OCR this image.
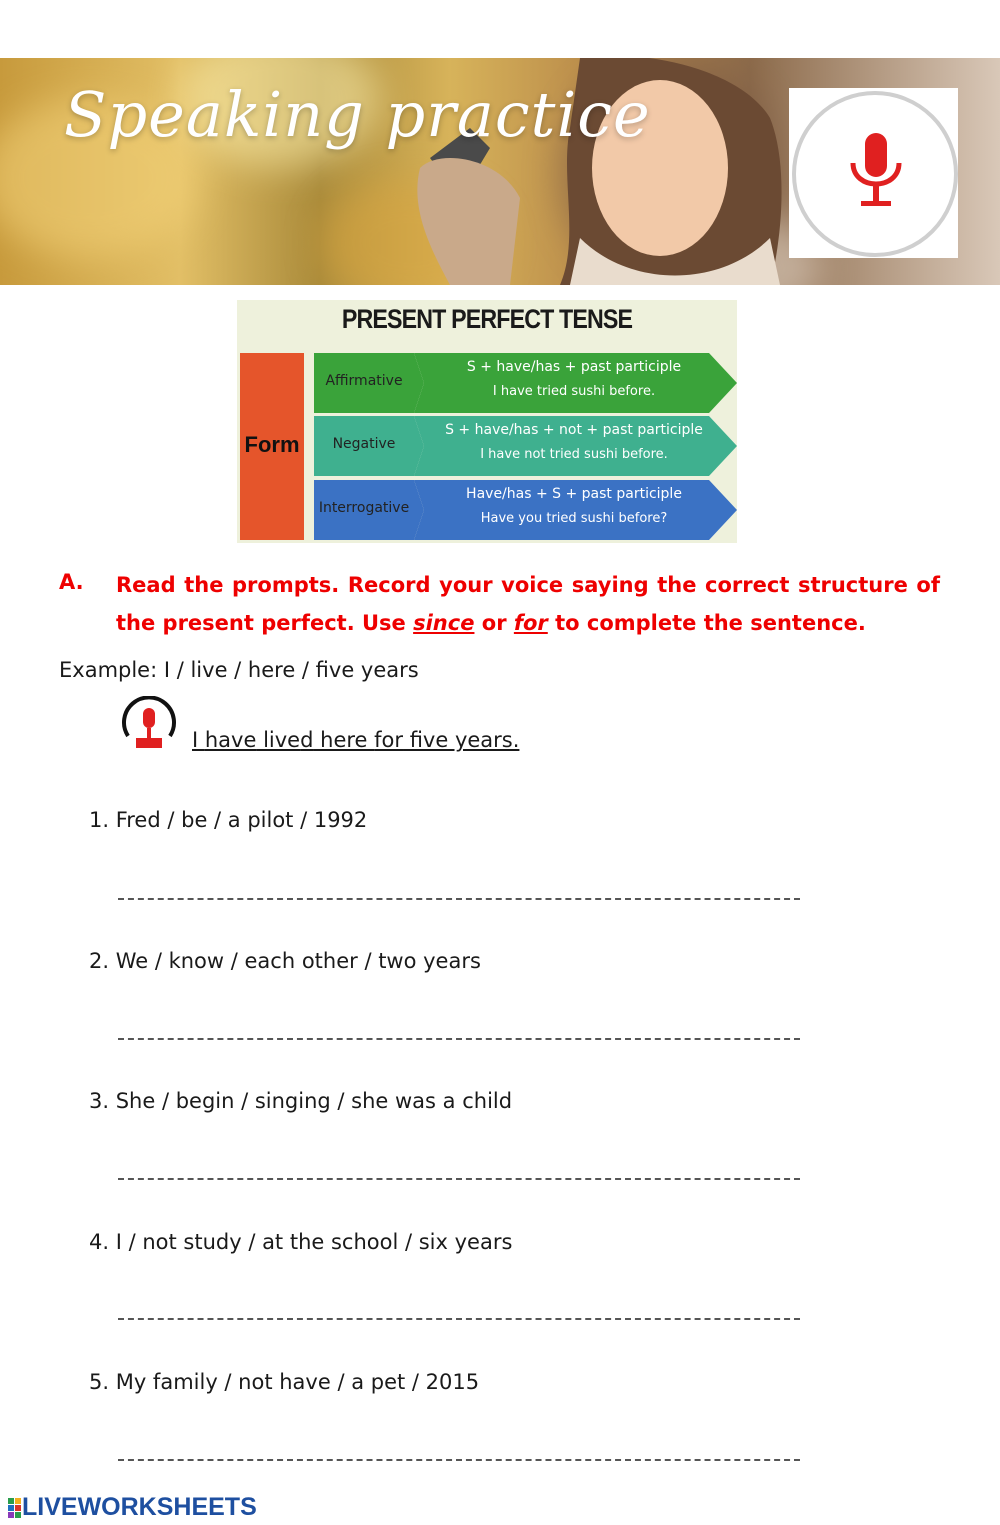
Speaking practice
PRESENT PERFECT TENSE
Form
Affirmative
S + have/has + past participle
I have tried sushi before.
Negative
S + have/has + not + past participle
I have not tried sushi before.
Interrogative
Have/has + S + past participle
Have you tried sushi before?
A. Read the prompts. Record your voice saying the correct structure of the present perfect. Use since or for to complete the sentence.
Example: I / live / here / five years
I have lived here for five years.
1. Fred / be / a pilot / 1992
2. We / know / each other / two years
3. She / begin / singing / she was a child
4. I / not study / at the school / six years
5. My family / not have / a pet / 2015
LIVEWORKSHEETS
